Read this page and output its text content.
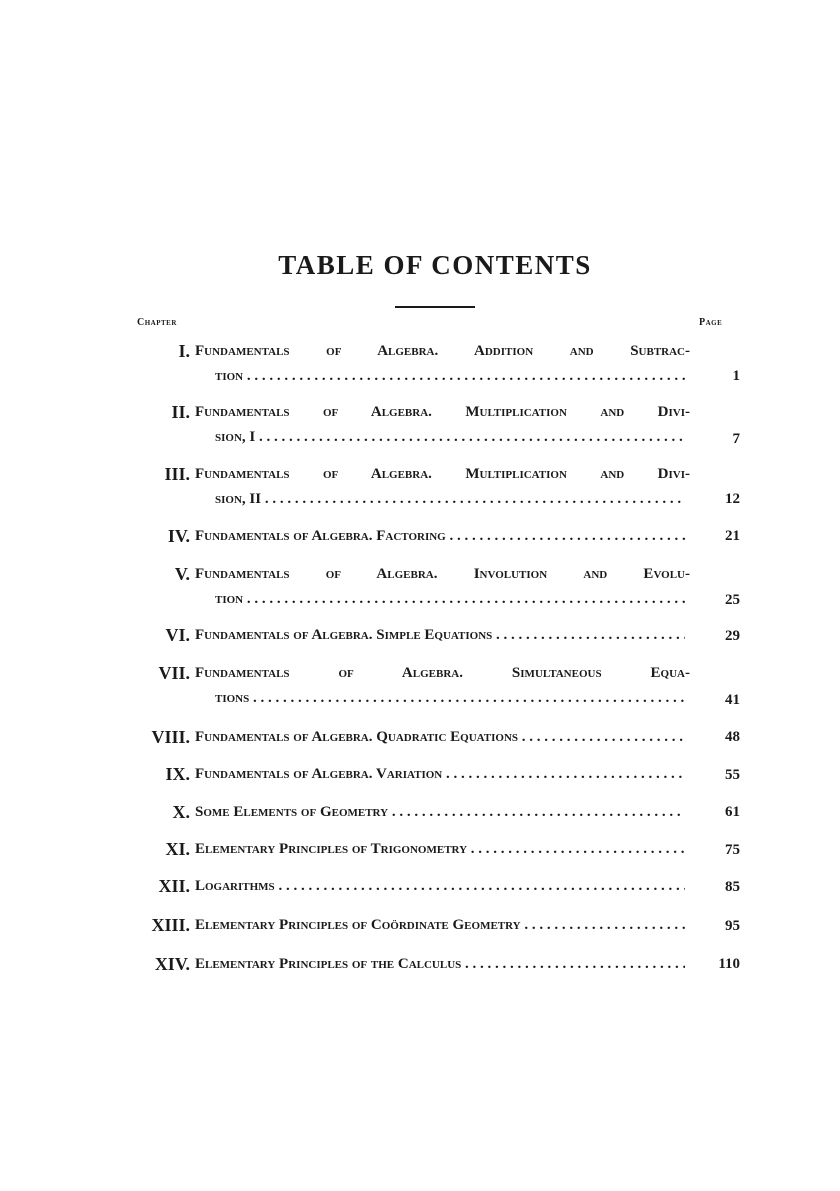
TABLE OF CONTENTS
Chapter	Page
I. Fundamentals of Algebra. Addition and Subtrac-
tion . . .	1
II. Fundamentals of Algebra. Multiplication and Divi-
sion, I . . .	7
III. Fundamentals of Algebra. Multiplication and Divi-
sion, II . . .	12
IV. Fundamentals of Algebra. Factoring . . .	21
V. Fundamentals of Algebra. Involution and Evolu-
tion . . .	25
VI. Fundamentals of Algebra. Simple Equations . . .	29
VII. Fundamentals of Algebra. Simultaneous Equa-
tions . . .	41
VIII. Fundamentals of Algebra. Quadratic Equations . . .	48
IX. Fundamentals of Algebra. Variation . . .	55
X. Some Elements of Geometry . . .	61
XI. Elementary Principles of Trigonometry . . .	75
XII. Logarithms . . .	85
XIII. Elementary Principles of Coördinate Geometry . . .	95
XIV. Elementary Principles of the Calculus . . .	110
